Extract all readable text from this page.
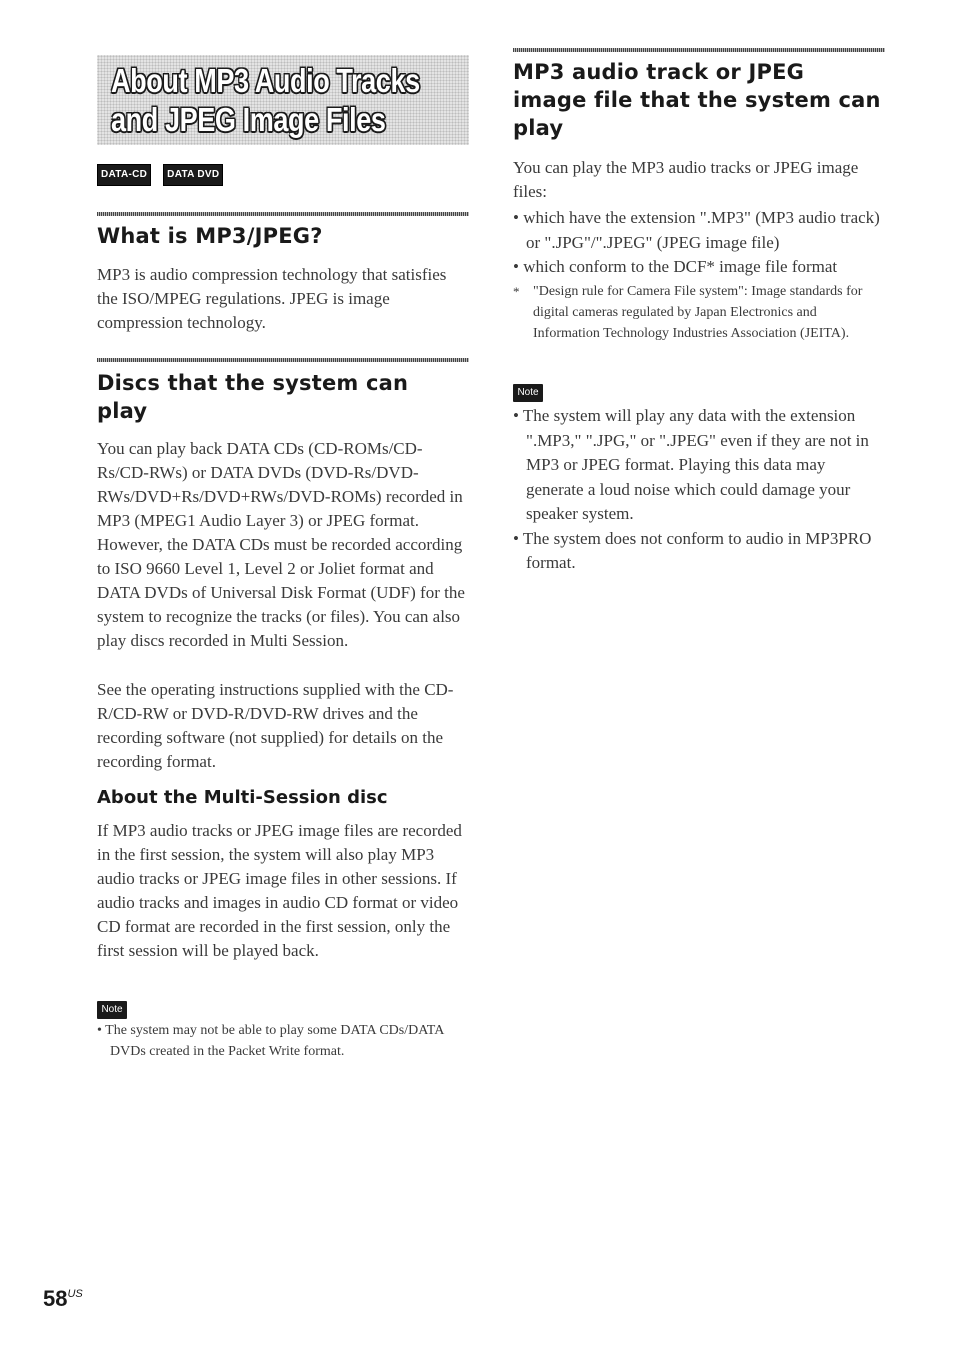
About MP3 Audio Tracks
and JPEG Image Files
DATA-CD	DATA DVD
What is MP3/JPEG?

MP3 is audio compression technology that satisfies the ISO/MPEG regulations. JPEG is image compression technology.

Discs that the system can play

You can play back DATA CDs (CD-ROMs/CD-Rs/CD-RWs) or DATA DVDs (DVD-Rs/DVD-RWs/DVD+Rs/DVD+RWs/DVD-ROMs) recorded in MP3 (MPEG1 Audio Layer 3) or JPEG format. However, the DATA CDs must be recorded according to ISO 9660 Level 1, Level 2 or Joliet format and DATA DVDs of Universal Disk Format (UDF) for the system to recognize the tracks (or files). You can also play discs recorded in Multi Session.

See the operating instructions supplied with the CD-R/CD-RW or DVD-R/DVD-RW drives and the recording software (not supplied) for details on the recording format.

About the Multi-Session disc

If MP3 audio tracks or JPEG image files are recorded in the first session, the system will also play MP3 audio tracks or JPEG image files in other sessions. If audio tracks and images in audio CD format or video CD format are recorded in the first session, only the first session will be played back.

Note
• The system may not be able to play some DATA CDs/DATA DVDs created in the Packet Write format.
MP3 audio track or JPEG image file that the system can play

You can play the MP3 audio tracks or JPEG image files:

• which have the extension ".MP3" (MP3 audio track) or ".JPG"/".JPEG" (JPEG image file)
• which conform to the DCF* image file format

* "Design rule for Camera File system": Image standards for digital cameras regulated by Japan Electronics and Information Technology Industries Association (JEITA).

Note
• The system will play any data with the extension ".MP3," ".JPG," or ".JPEG" even if they are not in MP3 or JPEG format. Playing this data may generate a loud noise which could damage your speaker system.
• The system does not conform to audio in MP3PRO format.
$58^{US}$
